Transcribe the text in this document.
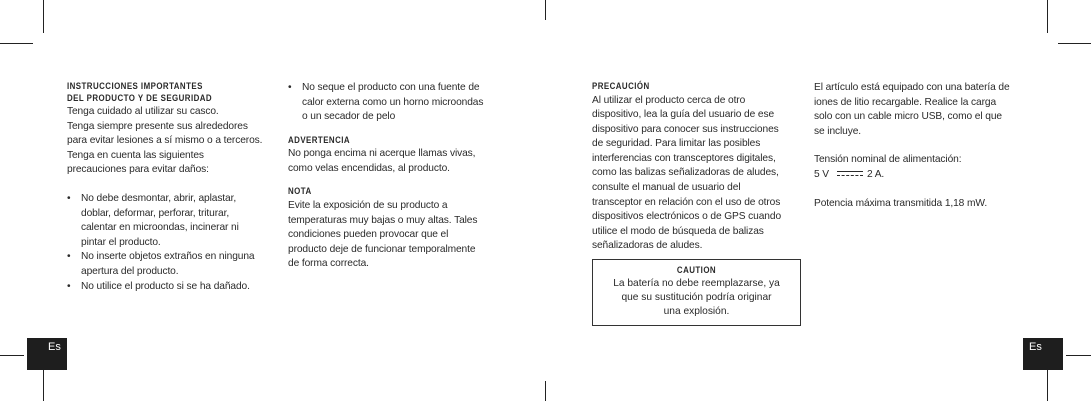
INSTRUCCIONES IMPORTANTES
DEL PRODUCTO Y DE SEGURIDAD
Tenga cuidado al utilizar su casco.
Tenga siempre presente sus alrededores
para evitar lesiones a sí mismo o a terceros.
Tenga en cuenta las siguientes
precauciones para evitar daños:
• No debe desmontar, abrir, aplastar,
doblar, deformar, perforar, triturar,
calentar en microondas, incinerar ni
pintar el producto.
• No inserte objetos extraños en ninguna
apertura del producto.
• No utilice el producto si se ha dañado.
• No seque el producto con una fuente de
calor externa como un horno microondas
o un secador de pelo
ADVERTENCIA
No ponga encima ni acerque llamas vivas,
como velas encendidas, al producto.
NOTA
Evite la exposición de su producto a
temperaturas muy bajas o muy altas. Tales
condiciones pueden provocar que el
producto deje de funcionar temporalmente
de forma correcta.
PRECAUCIÓN
Al utilizar el producto cerca de otro
dispositivo, lea la guía del usuario de ese
dispositivo para conocer sus instrucciones
de seguridad. Para limitar las posibles
interferencias con transceptores digitales,
como las balizas señalizadoras de aludes,
consulte el manual de usuario del
transceptor en relación con el uso de otros
dispositivos electrónicos o de GPS cuando
utilice el modo de búsqueda de balizas
señalizadoras de aludes.
CAUTION
La batería no debe reemplazarse, ya
que su sustitución podría originar
una explosión.
El artículo está equipado con una batería de
iones de litio recargable. Realice la carga
solo con un cable micro USB, como el que
se incluye.
Tensión nominal de alimentación:
5 V	2 A.
Potencia máxima transmitida 1,18 mW.
Es	Es
